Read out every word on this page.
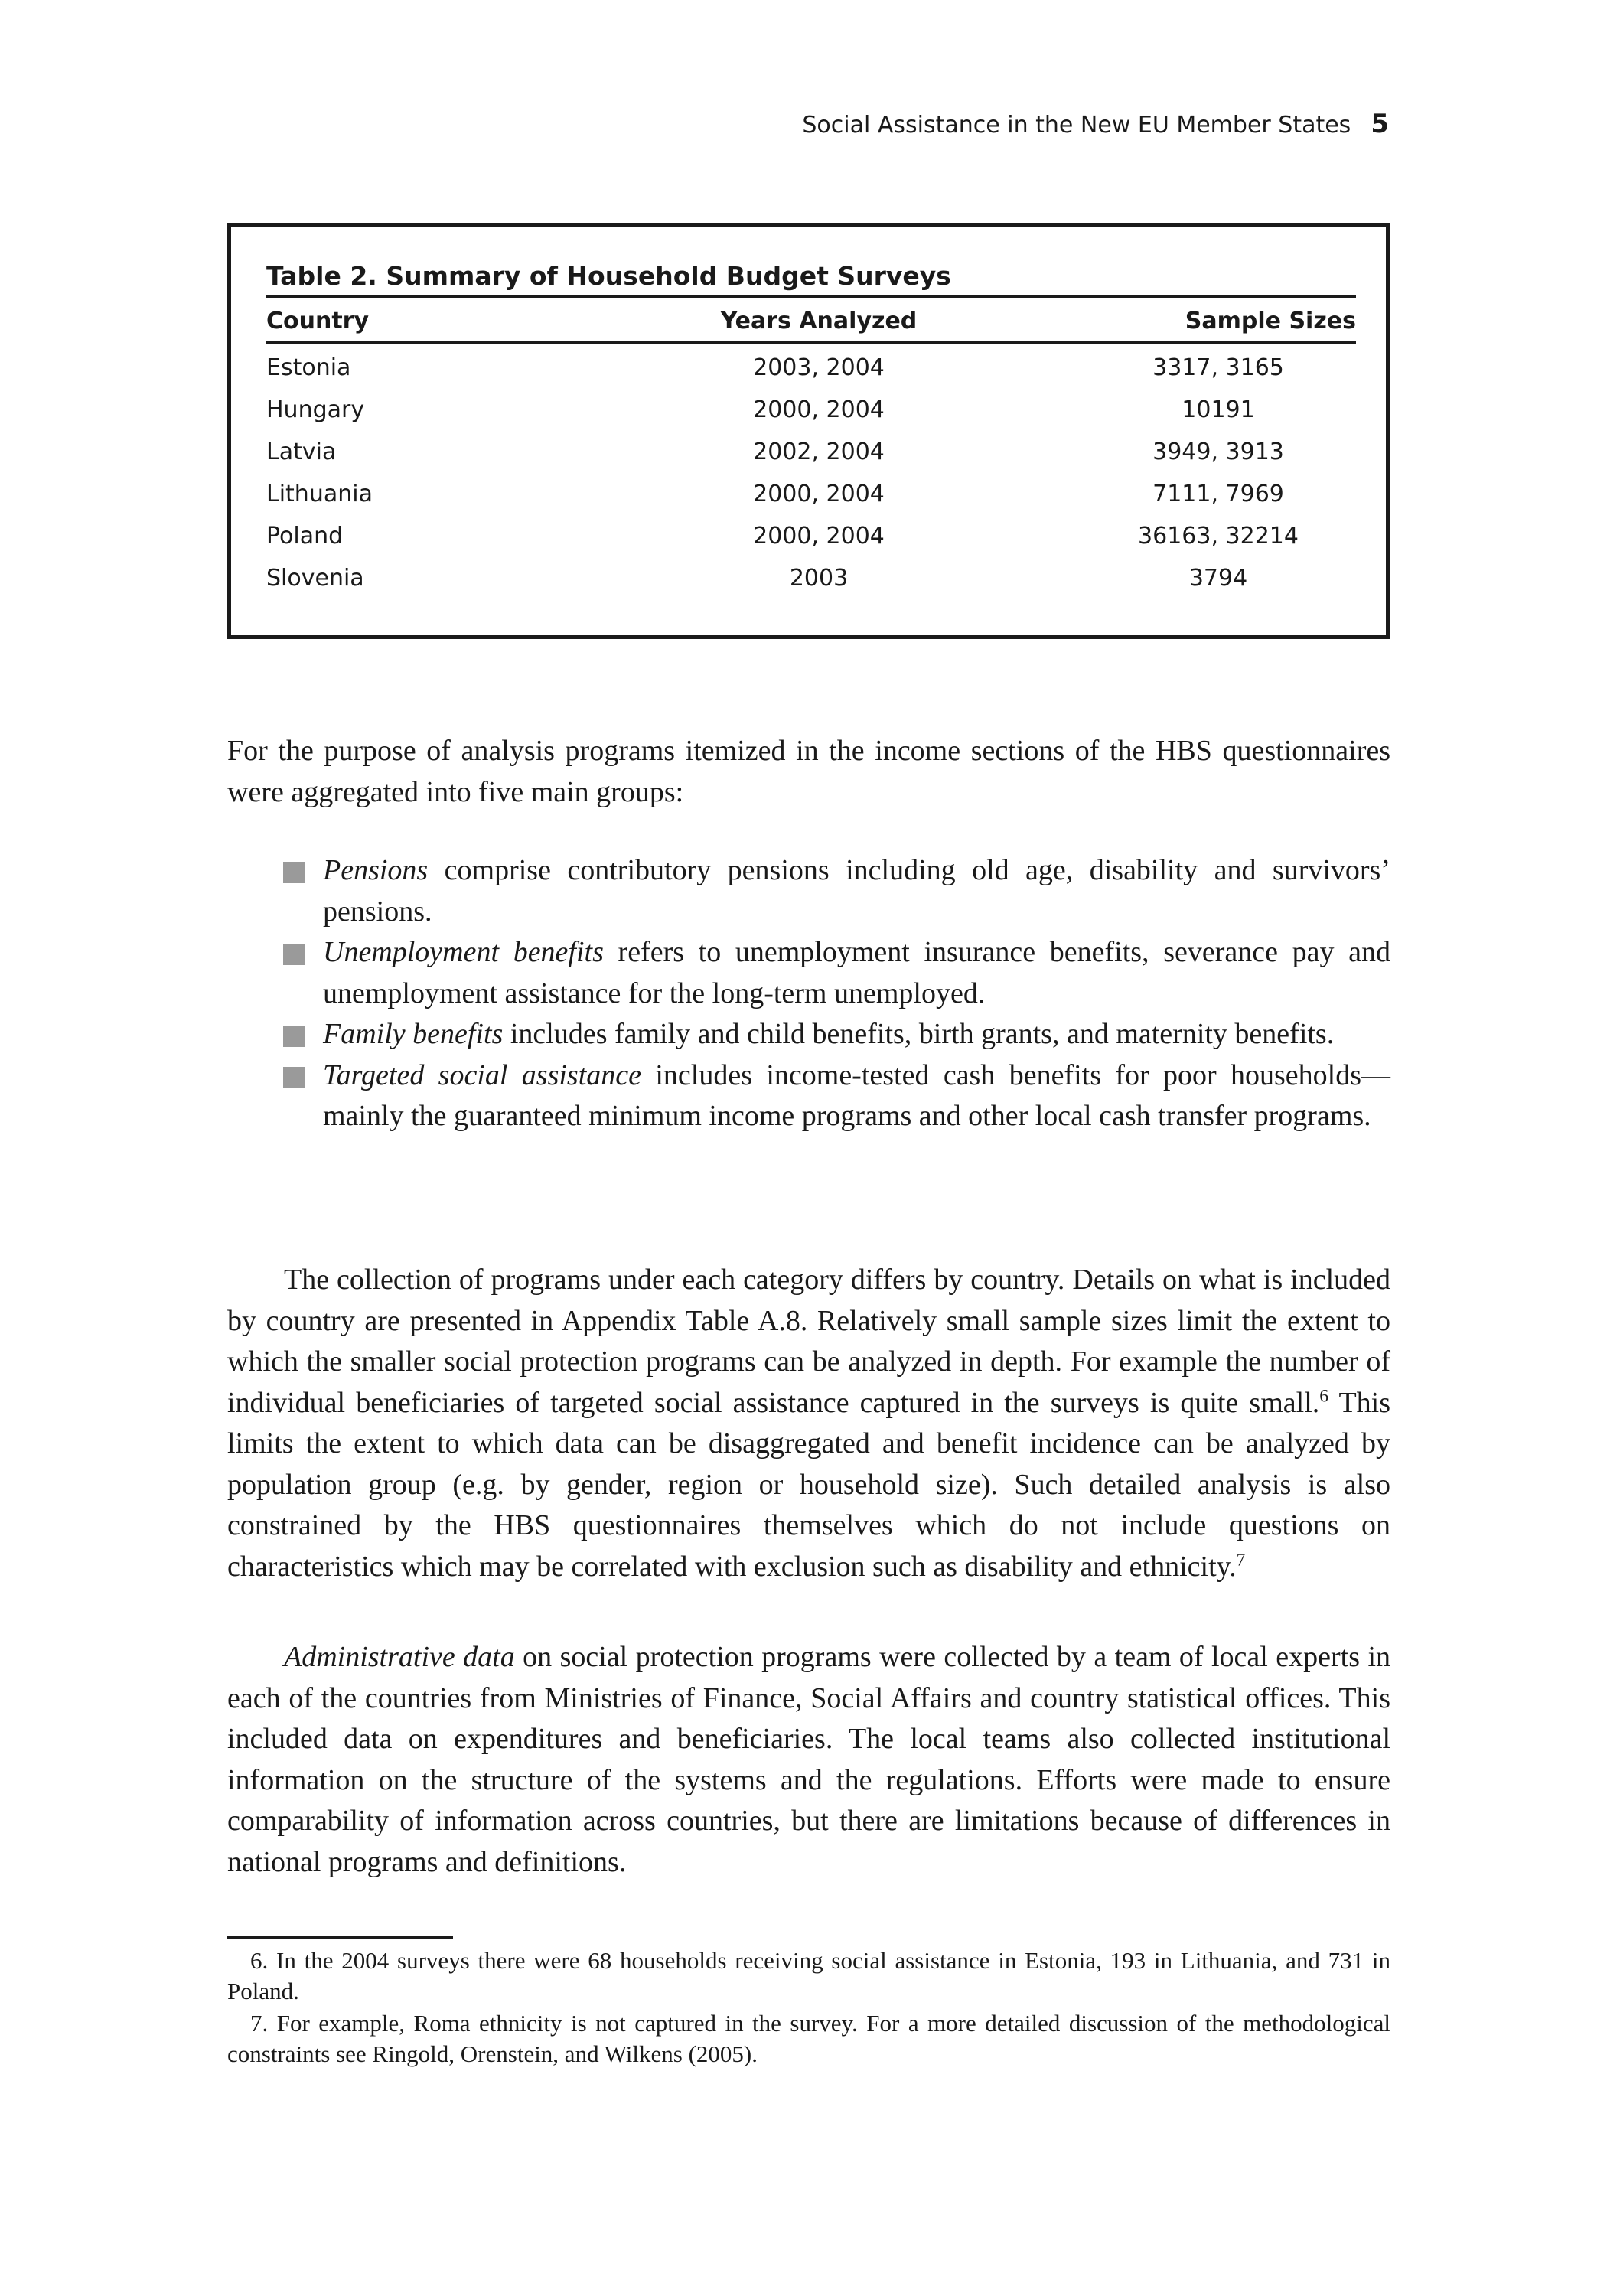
Social Assistance in the New EU Member States 5
Table 2. Summary of Household Budget Surveys
Country	Years Analyzed	Sample Sizes
Estonia	2003, 2004	3317, 3165
Hungary	2000, 2004	10191
Latvia	2002, 2004	3949, 3913
Lithuania	2000, 2004	7111, 7969
Poland	2000, 2004	36163, 32214
Slovenia	2003	3794
For the purpose of analysis programs itemized in the income sections of the HBS questionnaires were aggregated into five main groups:
Pensions comprise contributory pensions including old age, disability and survivors’ pensions.
Unemployment benefits refers to unemployment insurance benefits, severance pay and unemployment assistance for the long-term unemployed.
Family benefits includes family and child benefits, birth grants, and maternity benefits.
Targeted social assistance includes income-tested cash benefits for poor households—mainly the guaranteed minimum income programs and other local cash transfer programs.
The collection of programs under each category differs by country. Details on what is included by country are presented in Appendix Table A.8. Relatively small sample sizes limit the extent to which the smaller social protection programs can be analyzed in depth. For example the number of individual beneficiaries of targeted social assistance captured in the surveys is quite small.$^6$ This limits the extent to which data can be disaggregated and benefit incidence can be analyzed by population group (e.g. by gender, region or household size). Such detailed analysis is also constrained by the HBS questionnaires themselves which do not include questions on characteristics which may be correlated with exclusion such as disability and ethnicity.$^7$
Administrative data on social protection programs were collected by a team of local experts in each of the countries from Ministries of Finance, Social Affairs and country statistical offices. This included data on expenditures and beneficiaries. The local teams also collected institutional information on the structure of the systems and the regulations. Efforts were made to ensure comparability of information across countries, but there are limitations because of differences in national programs and definitions.

6. In the 2004 surveys there were 68 households receiving social assistance in Estonia, 193 in Lithuania, and 731 in Poland.

7. For example, Roma ethnicity is not captured in the survey. For a more detailed discussion of the methodological constraints see Ringold, Orenstein, and Wilkens (2005).
